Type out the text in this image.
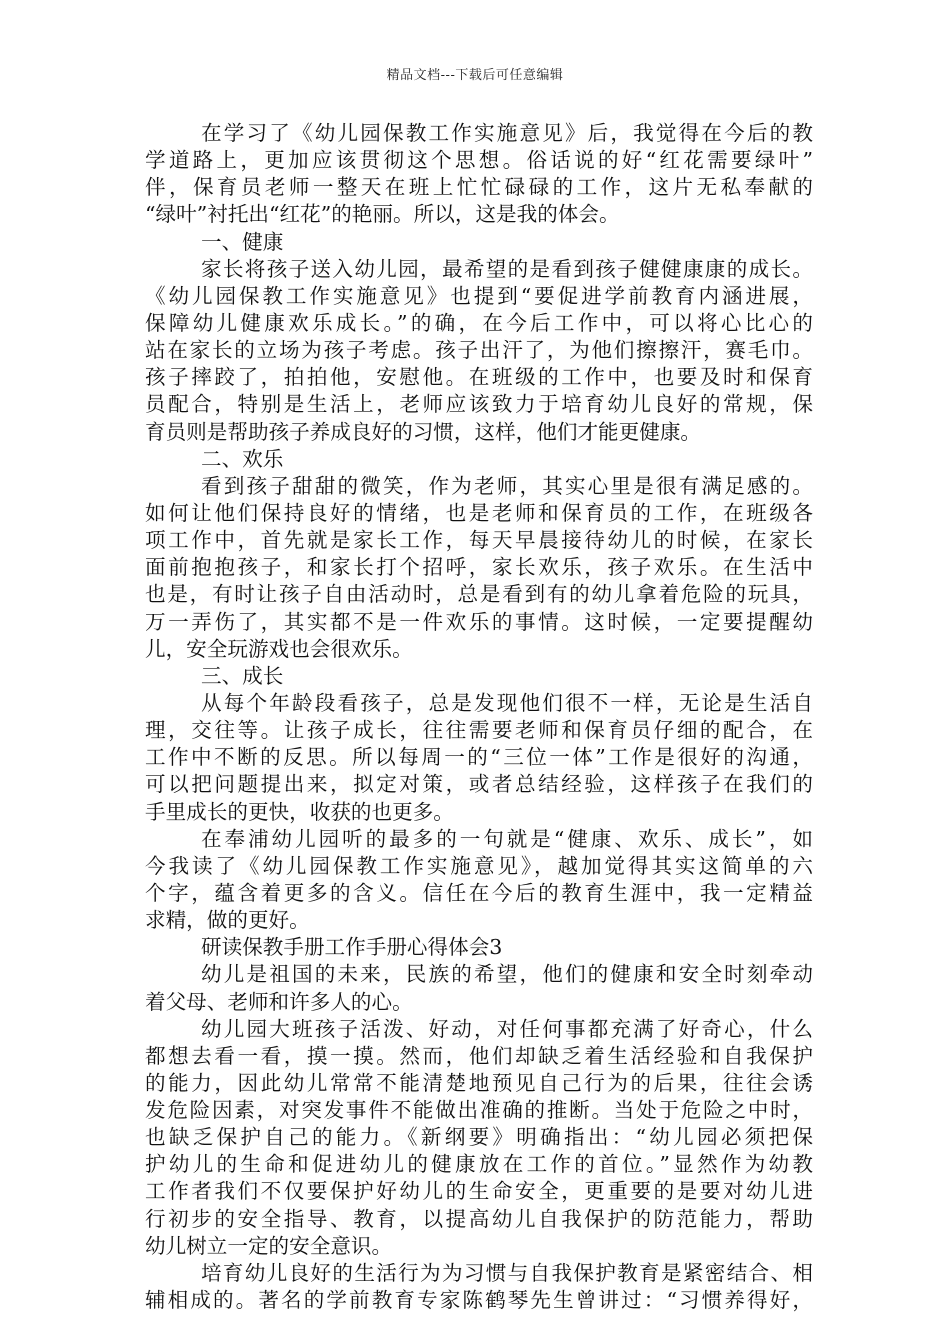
精品文档---下载后可任意编辑
在学习了《幼儿园保教工作实施意见》后，我觉得在今后的教
学道路上，更加应该贯彻这个思想。俗话说的好“红花需要绿叶”
伴，保育员老师一整天在班上忙忙碌碌的工作，这片无私奉献的
“绿叶”衬托出“红花”的艳丽。所以，这是我的体会。
一、健康
家长将孩子送入幼儿园，最希望的是看到孩子健健康康的成长。
《幼儿园保教工作实施意见》也提到“要促进学前教育内涵进展，
保障幼儿健康欢乐成长。”的确，在今后工作中，可以将心比心的
站在家长的立场为孩子考虑。孩子出汗了，为他们擦擦汗，赛毛巾。
孩子摔跤了，拍拍他，安慰他。在班级的工作中，也要及时和保育
员配合，特别是生活上，老师应该致力于培育幼儿良好的常规，保
育员则是帮助孩子养成良好的习惯，这样，他们才能更健康。
二、欢乐
看到孩子甜甜的微笑，作为老师，其实心里是很有满足感的。
如何让他们保持良好的情绪，也是老师和保育员的工作，在班级各
项工作中，首先就是家长工作，每天早晨接待幼儿的时候，在家长
面前抱抱孩子，和家长打个招呼，家长欢乐，孩子欢乐。在生活中
也是，有时让孩子自由活动时，总是看到有的幼儿拿着危险的玩具，
万一弄伤了，其实都不是一件欢乐的事情。这时候，一定要提醒幼
儿，安全玩游戏也会很欢乐。
三、成长
从每个年龄段看孩子，总是发现他们很不一样，无论是生活自
理，交往等。让孩子成长，往往需要老师和保育员仔细的配合，在
工作中不断的反思。所以每周一的“三位一体”工作是很好的沟通，
可以把问题提出来，拟定对策，或者总结经验，这样孩子在我们的
手里成长的更快，收获的也更多。
在奉浦幼儿园听的最多的一句就是“健康、欢乐、成长”，如
今我读了《幼儿园保教工作实施意见》，越加觉得其实这简单的六
个字，蕴含着更多的含义。信任在今后的教育生涯中，我一定精益
求精，做的更好。
研读保教手册工作手册心得体会3
幼儿是祖国的未来，民族的希望，他们的健康和安全时刻牵动
着父母、老师和许多人的心。
幼儿园大班孩子活泼、好动，对任何事都充满了好奇心，什么
都想去看一看，摸一摸。然而，他们却缺乏着生活经验和自我保护
的能力，因此幼儿常常不能清楚地预见自己行为的后果，往往会诱
发危险因素，对突发事件不能做出准确的推断。当处于危险之中时，
也缺乏保护自己的能力。《新纲要》明确指出：“幼儿园必须把保
护幼儿的生命和促进幼儿的健康放在工作的首位。”显然作为幼教
工作者我们不仅要保护好幼儿的生命安全，更重要的是要对幼儿进
行初步的安全指导、教育，以提高幼儿自我保护的防范能力，帮助
幼儿树立一定的安全意识。
培育幼儿良好的生活行为为习惯与自我保护教育是紧密结合、相
辅相成的。著名的学前教育专家陈鹤琴先生曾讲过：“习惯养得好，
